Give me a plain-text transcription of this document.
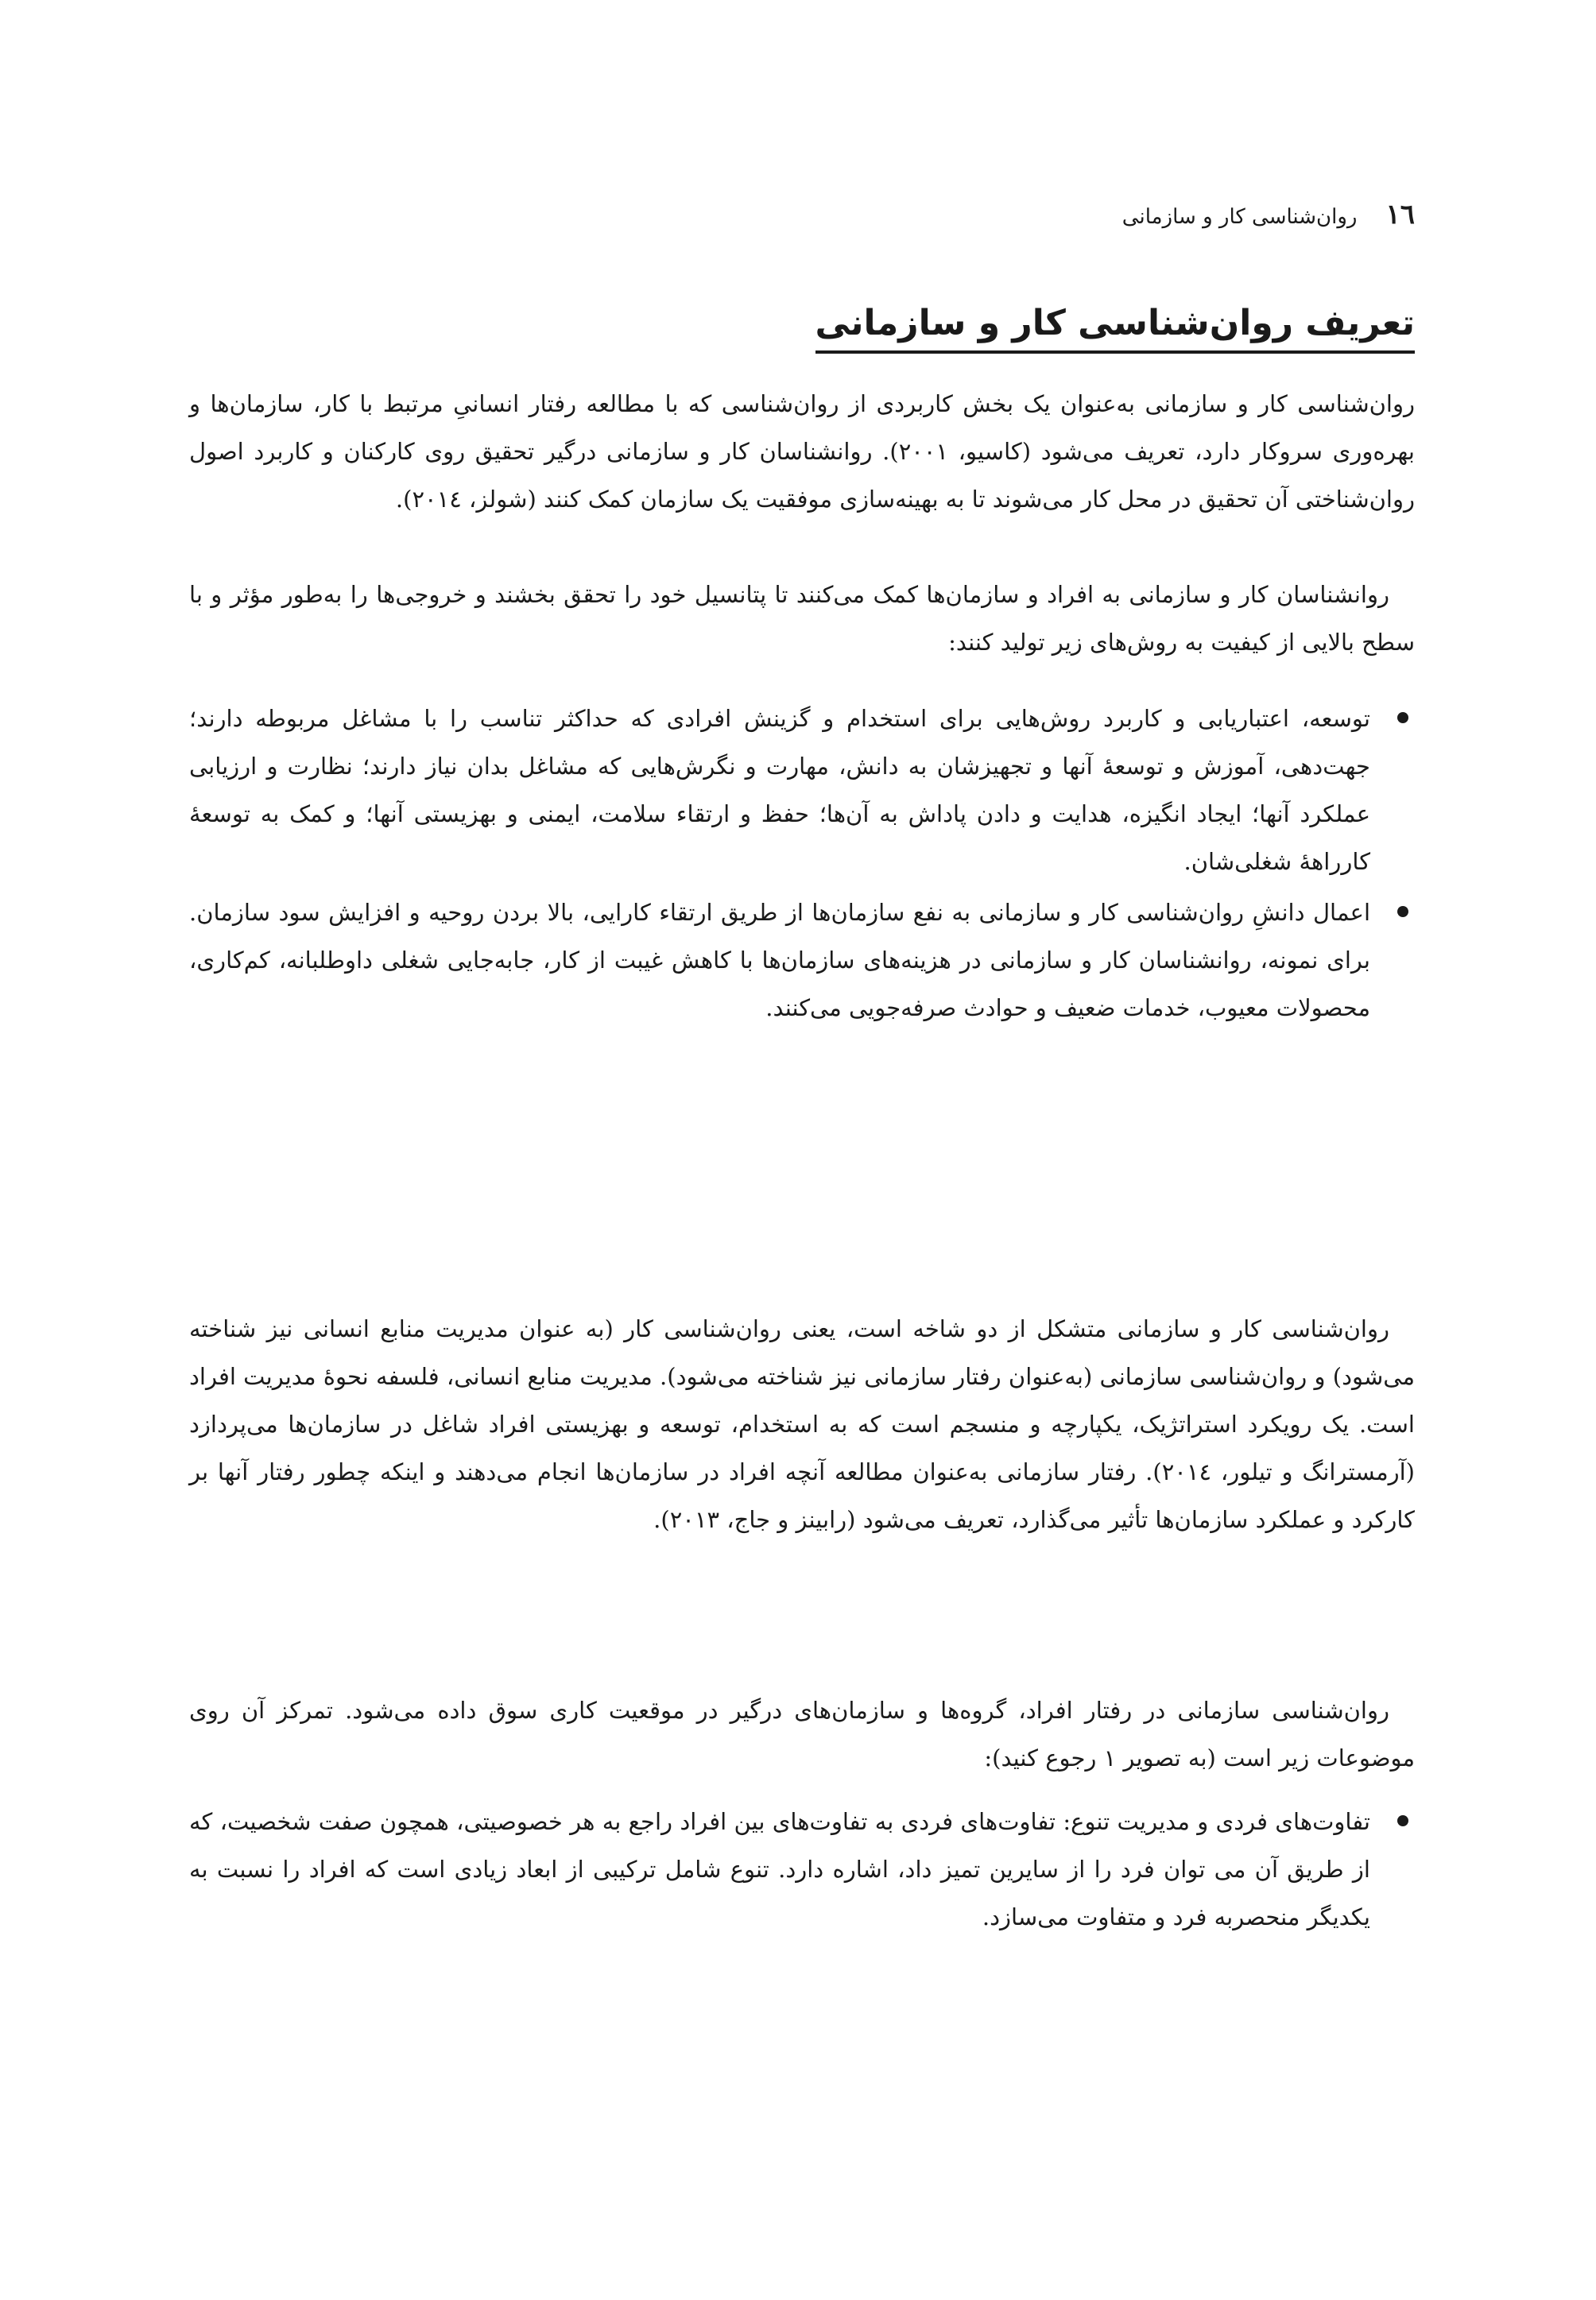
١٦
روان‌شناسی کار و سازمانی
تعریف روان‌شناسی کار و سازمانی

روان‌شناسی کار و سازمانی به‌عنوان یک بخش کاربردی از روان‌شناسی که با مطالعه رفتار انسانیِ مرتبط با کار، سازمان‌ها و بهره‌وری سروکار دارد، تعریف می‌شود (کاسیو، ٢٠٠١). روانشناسان کار و سازمانی درگیر تحقیق روی کارکنان و کاربرد اصول روان‌شناختی آن تحقیق در محل کار می‌شوند تا به بهینه‌سازی موفقیت یک سازمان کمک کنند (شولز، ٢٠١٤).

روانشناسان کار و سازمانی به افراد و سازمان‌ها کمک می‌کنند تا پتانسیل خود را تحقق بخشند و خروجی‌ها را به‌طور مؤثر و با سطح بالایی از کیفیت به روش‌های زیر تولید کنند:

توسعه، اعتباریابی و کاربرد روش‌هایی برای استخدام و گزینش افرادی که حداکثر تناسب را با مشاغل مربوطه دارند؛ جهت‌دهی، آموزش و توسعهٔ آنها و تجهیزشان به دانش، مهارت و نگرش‌هایی که مشاغل بدان نیاز دارند؛ نظارت و ارزیابی عملکرد آنها؛ ایجاد انگیزه، هدایت و دادن پاداش به آن‌ها؛ حفظ و ارتقاء سلامت، ایمنی و بهزیستی آنها؛ و کمک به توسعهٔ کارراههٔ شغلی‌شان.
اعمال دانشِ روان‌شناسی کار و سازمانی به نفع سازمان‌ها از طریق ارتقاء کارایی، بالا بردن روحیه و افزایش سود سازمان. برای نمونه، روانشناسان کار و سازمانی در هزینه‌های سازمان‌ها با کاهش غیبت از کار، جابه‌جایی شغلی داوطلبانه، کم‌کاری، محصولات معیوب، خدمات ضعیف و حوادث صرفه‌جویی می‌کنند.

روان‌شناسی کار و سازمانی متشکل از دو شاخه است، یعنی روان‌شناسی کار (به عنوان مدیریت منابع انسانی نیز شناخته می‌شود) و روان‌شناسی سازمانی (به‌عنوان رفتار سازمانی نیز شناخته می‌شود). مدیریت منابع انسانی، فلسفه نحوهٔ مدیریت افراد است. یک رویکرد استراتژیک، یکپارچه و منسجم است که به استخدام، توسعه و بهزیستی افراد شاغل در سازمان‌ها می‌پردازد (آرمسترانگ و تیلور، ٢٠١٤). رفتار سازمانی به‌عنوان مطالعه آنچه افراد در سازمان‌ها انجام می‌دهند و اینکه چطور رفتار آنها بر کارکرد و عملکرد سازمان‌ها تأثیر می‌گذارد، تعریف می‌شود (رابینز و جاج، ٢٠١٣).

روان‌شناسی سازمانی در رفتار افراد، گروه‌ها و سازمان‌های درگیر در موقعیت کاری سوق داده می‌شود. تمرکز آن روی موضوعات زیر است (به تصویر ١ رجوع کنید):

تفاوت‌های فردی و مدیریت تنوع: تفاوت‌های فردی به تفاوت‌های بین افراد راجع به هر خصوصیتی، همچون صفت شخصیت، که از طریق آن می توان فرد را از سایرین تمیز داد، اشاره دارد. تنوع شامل ترکیبی از ابعاد زیادی است که افراد را نسبت به یکدیگر منحصربه فرد و متفاوت می‌سازد.
